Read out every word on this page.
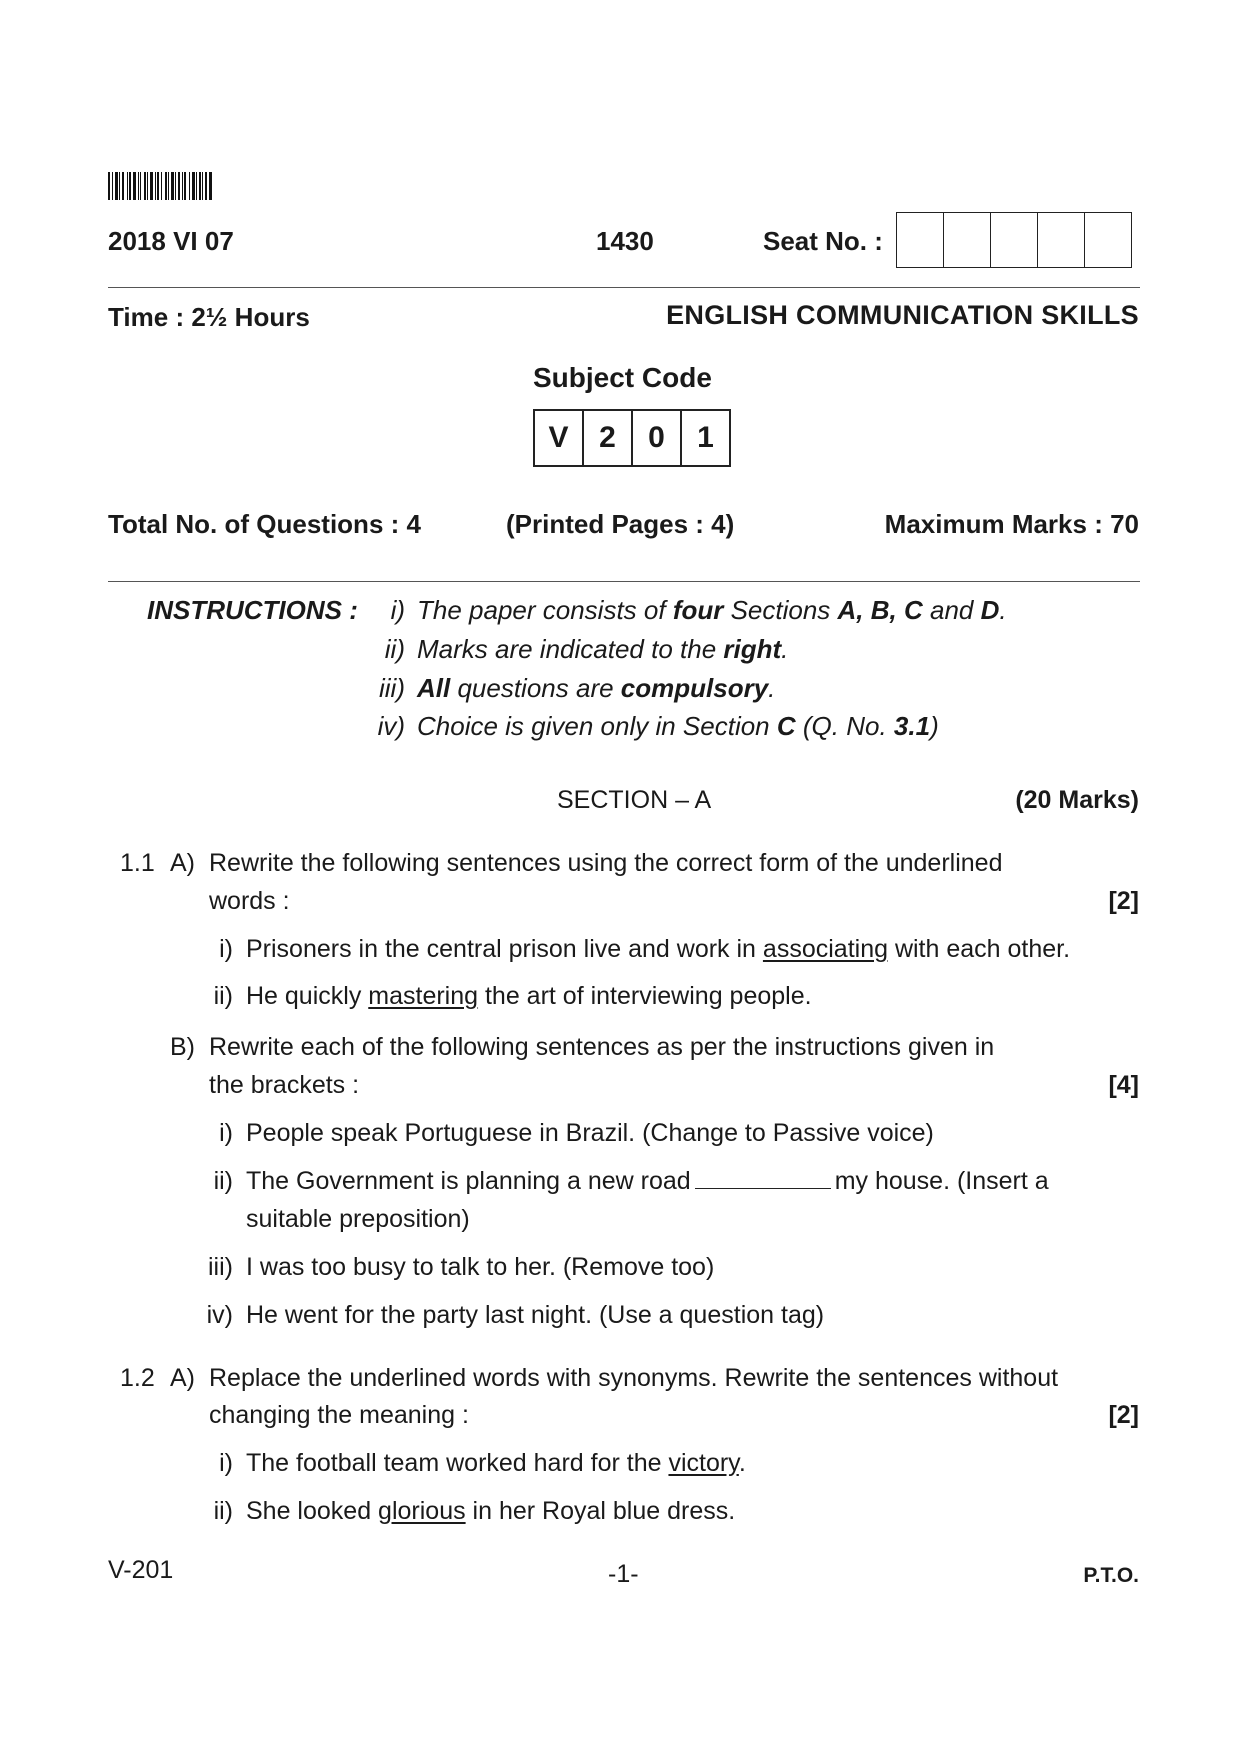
2018 VI 07	1430	Seat No. :
Time : 2½ Hours	ENGLISH COMMUNICATION SKILLS
Subject Code
V	2	0	1
Total No. of Questions : 4	(Printed Pages : 4)	Maximum Marks : 70
INSTRUCTIONS :	i) The paper consists of four Sections A, B, C and D.
ii) Marks are indicated to the right.
iii) All questions are compulsory.
iv) Choice is given only in Section C (Q. No. 3.1)
SECTION – A	(20 Marks)
1.1 A) Rewrite the following sentences using the correct form of the underlined
words :	[2]
i) Prisoners in the central prison live and work in associating with each other.
ii) He quickly mastering the art of interviewing people.
B) Rewrite each of the following sentences as per the instructions given in
the brackets :	[4]
i) People speak Portuguese in Brazil. (Change to Passive voice)
ii) The Government is planning a new road	my house. (Insert a
suitable preposition)
iii) I was too busy to talk to her. (Remove too)
iv) He went for the party last night. (Use a question tag)
1.2 A) Replace the underlined words with synonyms. Rewrite the sentences without
changing the meaning :	[2]
i) The football team worked hard for the victory.
ii) She looked glorious in her Royal blue dress.
V-201	-1-	P.T.O.
